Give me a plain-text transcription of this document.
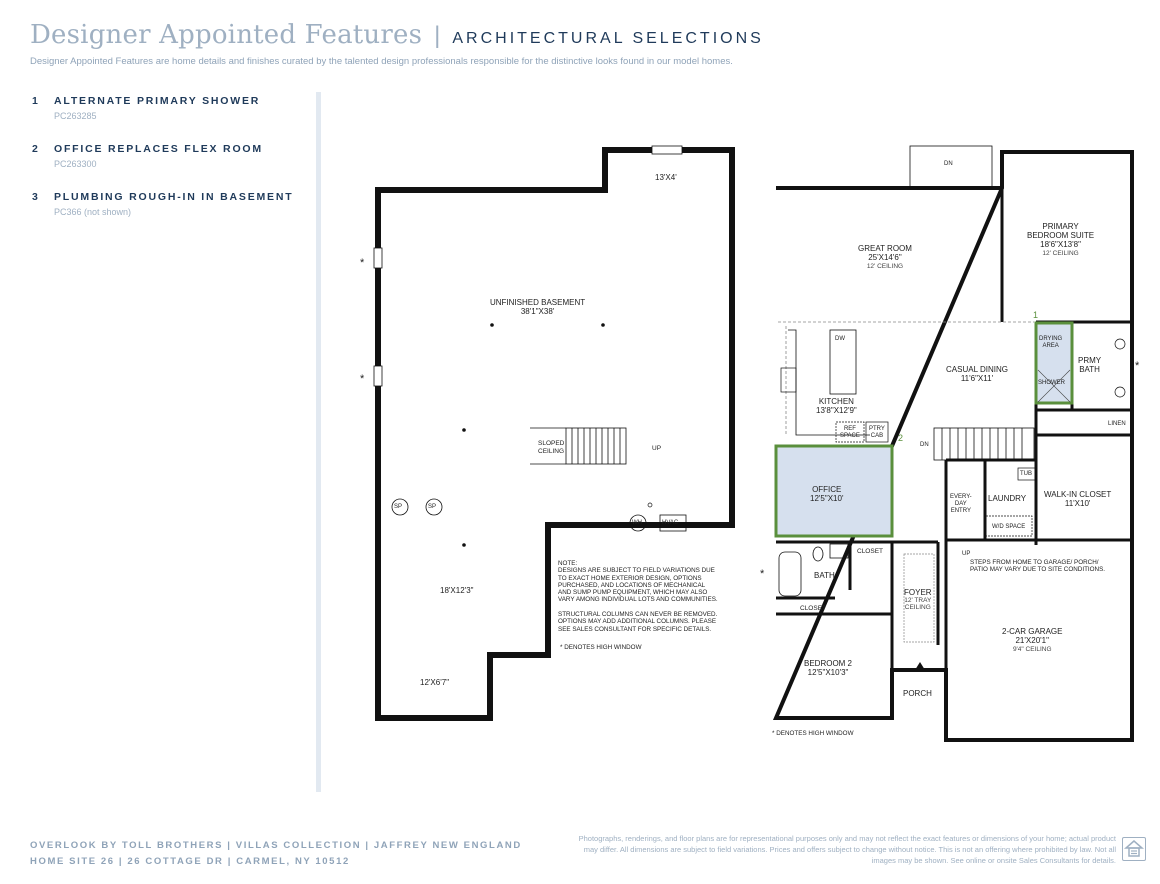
Designer Appointed Features | ARCHITECTURAL SELECTIONS
Designer Appointed Features are home details and finishes curated by the talented design professionals responsible for the distinctive looks found in our model homes.
1 ALTERNATE PRIMARY SHOWER
PC263285
2 OFFICE REPLACES FLEX ROOM
PC263300
3 PLUMBING ROUGH-IN IN BASEMENT
PC366 (not shown)
13'X4'
UNFINISHED BASEMENT
38'1"X38'
SLOPED
CEILING	UP
SP	SP
WH	HVAC
18'X12'3"
12'X6'7"
NOTE:
DESIGNS ARE SUBJECT TO FIELD VARIATIONS DUE
TO EXACT HOME EXTERIOR DESIGN, OPTIONS
PURCHASED, AND LOCATIONS OF MECHANICAL
AND SUMP PUMP EQUIPMENT, WHICH MAY ALSO
VARY AMONG INDIVIDUAL LOTS AND COMMUNITIES.

STRUCTURAL COLUMNS CAN NEVER BE REMOVED.
OPTIONS MAY ADD ADDITIONAL COLUMNS. PLEASE
SEE SALES CONSULTANT FOR SPECIFIC DETAILS.
* DENOTES HIGH WINDOW
*
*
DN
GREAT ROOM
25'X14'6"
12' CEILING
PRIMARY
BEDROOM SUITE
18'6"X13'8"
12' CEILING
DRYING
AREA
SHOWER
PRMY
BATH
CASUAL DINING
11'6"X11'
KITCHEN
13'8"X12'9"
DW
REF
SPACE
PTRY
CAB
DN
LINEN
OFFICE
12'5"X10'
TUB
EVERY-
DAY
ENTRY
LAUNDRY
W/D SPACE
WALK-IN CLOSET
11'X10'
CLOSET
BATH
CLOSET
UP
STEPS FROM HOME TO GARAGE/ PORCH/
PATIO MAY VARY DUE TO SITE CONDITIONS.
FOYER
12' TRAY
CEILING
2-CAR GARAGE
21'X20'1"
9'4" CEILING
BEDROOM 2
12'5"X10'3"
PORCH
* DENOTES HIGH WINDOW
1
2
*
*
OVERLOOK BY TOLL BROTHERS | VILLAS COLLECTION | JAFFREY NEW ENGLAND
HOME SITE 26 | 26 COTTAGE DR | CARMEL, NY 10512
Photographs, renderings, and floor plans are for representational purposes only and may not reflect the exact features or dimensions of your home; actual product may differ. All dimensions are subject to field variations. Prices and offers subject to change without notice. This is not an offering where prohibited by law. Not all images may be shown. See online or onsite Sales Consultants for details.
